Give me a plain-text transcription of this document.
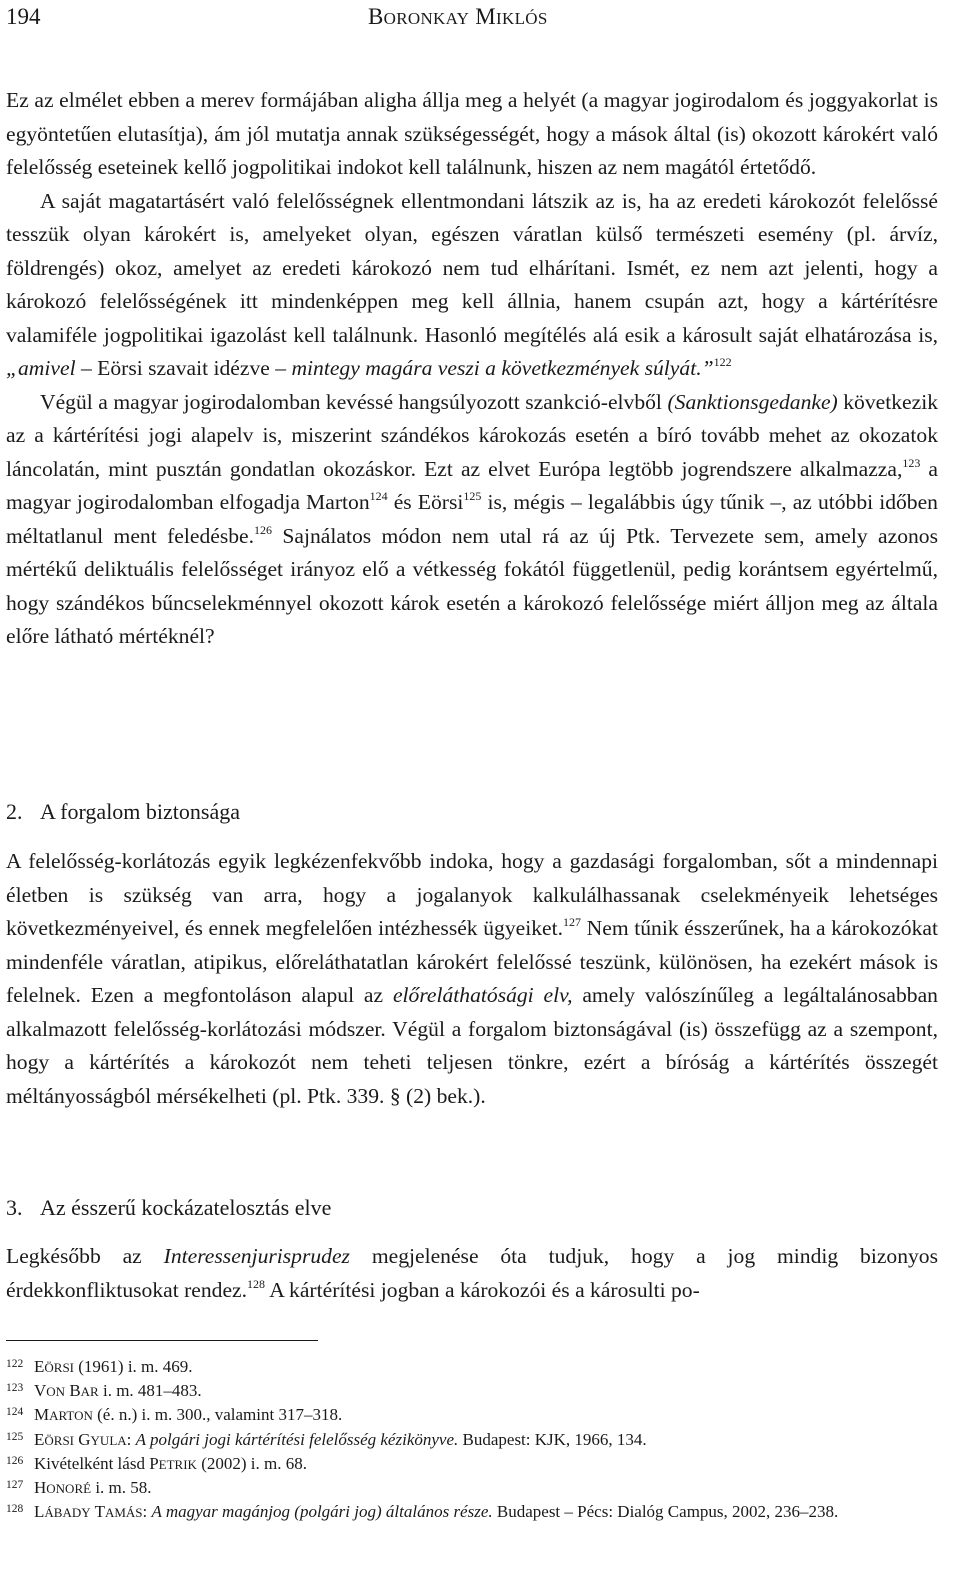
194	BORONKAY MIKLÓS

Ez az elmélet ebben a merev formájában aligha állja meg a helyét (a magyar jogirodalom és joggyakorlat is egyöntetűen elutasítja), ám jól mutatja annak szükségességét, hogy a mások által (is) okozott károkért való felelősség eseteinek kellő jogpolitikai indokot kell találnunk, hiszen az nem magától értetődő.

A saját magatartásért való felelősségnek ellentmondani látszik az is, ha az eredeti károkozót felelőssé tesszük olyan károkért is, amelyeket olyan, egészen váratlan külső természeti esemény (pl. árvíz, földrengés) okoz, amelyet az eredeti károkozó nem tud elhárítani. Ismét, ez nem azt jelenti, hogy a károkozó felelősségének itt mindenképpen meg kell állnia, hanem csupán azt, hogy a kártérítésre valamiféle jogpolitikai igazolást kell találnunk. Hasonló megítélés alá esik a károsult saját elhatározása is, „amivel – Eörsi szavait idézve – mintegy magára veszi a következmények súlyát.”$^{122}$

Végül a magyar jogirodalomban kevéssé hangsúlyozott szankció-elvből (Sanktionsgedanke) következik az a kártérítési jogi alapelv is, miszerint szándékos károkozás esetén a bíró tovább mehet az okozatok láncolatán, mint pusztán gondatlan okozáskor. Ezt az elvet Európa legtöbb jogrendszere alkalmazza,$^{123}$ a magyar jogirodalomban elfogadja Marton$^{124}$ és Eörsi$^{125}$ is, mégis – legalábbis úgy tűnik –, az utóbbi időben méltatlanul ment feledésbe.$^{126}$ Sajnálatos módon nem utal rá az új Ptk. Tervezete sem, amely azonos mértékű deliktuális felelősséget irányoz elő a vétkesség fokától függetlenül, pedig korántsem egyértelmű, hogy szándékos bűncselekménnyel okozott károk esetén a károkozó felelőssége miért álljon meg az általa előre látható mértéknél?

2. A forgalom biztonsága

A felelősség-korlátozás egyik legkézenfekvőbb indoka, hogy a gazdasági forgalomban, sőt a mindennapi életben is szükség van arra, hogy a jogalanyok kalkulálhassanak cselekményeik lehetséges következményeivel, és ennek megfelelően intézhessék ügyeiket.$^{127}$ Nem tűnik ésszerűnek, ha a károkozókat mindenféle váratlan, atipikus, előreláthatatlan károkért felelőssé teszünk, különösen, ha ezekért mások is felelnek. Ezen a megfontoláson alapul az előreláthatósági elv, amely valószínűleg a legáltalánosabban alkalmazott felelősség-korlátozási módszer. Végül a forgalom biztonságával (is) összefügg az a szempont, hogy a kártérítés a károkozót nem teheti teljesen tönkre, ezért a bíróság a kártérítés összegét méltányosságból mérsékelheti (pl. Ptk. 339. § (2) bek.).

3. Az ésszerű kockázatelosztás elve

Legkésőbb az Interessenjurisprudez megjelenése óta tudjuk, hogy a jog mindig bizonyos érdekkonfliktusokat rendez.$^{128}$ A kártérítési jogban a károkozói és a károsulti po-

122 EÖRSI (1961) i. m. 469.
123 VON BAR i. m. 481–483.
124 MARTON (é. n.) i. m. 300., valamint 317–318.
125 EÖRSI GYULA: A polgári jogi kártérítési felelősség kézikönyve. Budapest: KJK, 1966, 134.
126 Kivételként lásd PETRIK (2002) i. m. 68.
127 HONORÉ i. m. 58.
128 LÁBADY TAMÁS: A magyar magánjog (polgári jog) általános része. Budapest – Pécs: Dialóg Campus, 2002, 236–238.
